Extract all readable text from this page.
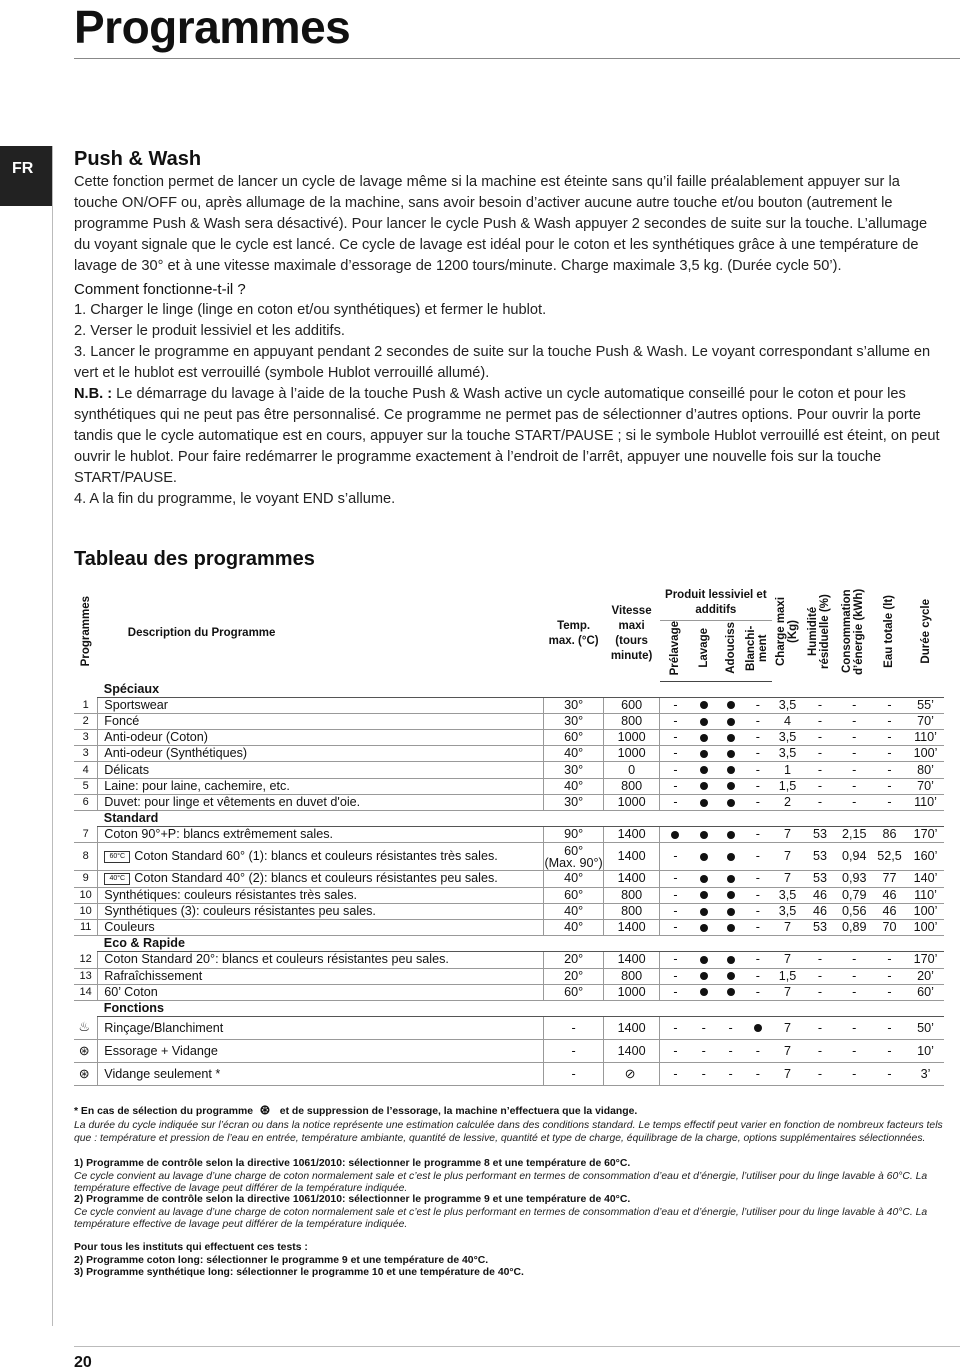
Programmes
FR	Push & Wash

Cette fonction permet de lancer un cycle de lavage même si la machine est éteinte sans qu’il faille préalablement appuyer sur la touche ON/OFF ou, après allumage de la machine, sans avoir besoin d’activer aucune autre touche et/ou bouton (autrement le programme Push & Wash sera désactivé). Pour lancer le cycle Push & Wash appuyer 2 secondes de suite sur la touche. L’allumage du voyant signale que le cycle est lancé. Ce cycle de lavage est idéal pour le coton et les synthétiques grâce à une température de lavage de 30° et à une vitesse maximale d’essorage de 1200 tours/minute. Charge maximale 3,5 kg. (Durée cycle 50’).

Comment fonctionne-t-il ?

1. Charger le linge (linge en coton et/ou synthétiques) et fermer le hublot.

2. Verser le produit lessiviel et les additifs.

3. Lancer le programme en appuyant pendant 2 secondes de suite sur la touche Push & Wash. Le voyant correspondant s’allume en vert et le hublot est verrouillé (symbole Hublot verrouillé allumé).

N.B. : Le démarrage du lavage à l’aide de la touche Push & Wash active un cycle automatique conseillé pour le coton et pour les synthétiques qui ne peut pas être personnalisé. Ce programme ne permet pas de sélectionner d’autres options. Pour ouvrir la porte tandis que le cycle automatique est en cours, appuyer sur la touche START/PAUSE ; si le symbole Hublot verrouillé est éteint, on peut ouvrir le hublot. Pour faire redémarrer le programme exactement à l’endroit de l’arrêt, appuyer une nouvelle fois sur la touche START/PAUSE.

4. A la fin du programme, le voyant END s’allume.

Tableau des programmes
Programmes	Description du Programme	Temp. max. (°C)	Vitesse maxi (tours minute)	Produit lessiviel et additifs				Charge maxi (Kg)	Humidité résiduelle (%)	Consommation d’énergie (kWh)	Eau totale (lt)	Durée cycle
				Prélavage	Lavage	Adouciss	Blanchi-ment					
	Spéciaux											
1	Sportswear	30°	600	-			-	3,5	-	-	-	55’
2	Foncé	30°	800	-			-	4	-	-	-	70’
3	Anti-odeur (Coton)	60°	1000	-			-	3,5	-	-	-	110’
3	Anti-odeur (Synthétiques)	40°	1000	-			-	3,5	-	-	-	100’
4	Délicats	30°	0	-			-	1	-	-	-	80’
5	Laine: pour laine, cachemire, etc.	40°	800	-			-	1,5	-	-	-	70’
6	Duvet: pour linge et vêtements en duvet d'oie.	30°	1000	-			-	2	-	-	-	110’
	Standard											
7	Coton 90°+P: blancs extrêmement sales.	90°	1400				-	7	53	2,15	86	170’
8	60°C Coton Standard 60° (1): blancs et couleurs résistantes très sales.	60°
(Max. 90°)	1400	-			-	7	53	0,94	52,5	160’
9	40°C Coton Standard 40° (2): blancs et couleurs résistantes peu sales.	40°	1400	-			-	7	53	0,93	77	140’
10	Synthétiques: couleurs résistantes très sales.	60°	800	-			-	3,5	46	0,79	46	110’
10	Synthétiques (3): couleurs résistantes peu sales.	40°	800	-			-	3,5	46	0,56	46	100’
11	Couleurs	40°	1400	-			-	7	53	0,89	70	100’
	Eco & Rapide											
12	Coton Standard 20°: blancs et couleurs résistantes peu sales.	20°	1400	-			-	7	-	-	-	170’
13	Rafraîchissement	20°	800	-			-	1,5	-	-	-	20’
14	60’ Coton	60°	1000	-			-	7	-	-	-	60’
	Fonctions											
♨	Rinçage/Blanchiment	-	1400	-	-	-		7	-	-	-	50’
⊛	Essorage + Vidange	-	1400	-	-	-	-	7	-	-	-	10’
⊛	Vidange seulement *	-	⊘	-	-	-	-	7	-	-	-	3’
* En cas de sélection du programme ⊛ et de suppression de l’essorage, la machine n’effectuera que la vidange.
La durée du cycle indiquée sur l’écran ou dans la notice représente une estimation calculée dans des conditions standard. Le temps effectif peut varier en fonction de nombreux facteurs tels que : température et pression de l’eau en entrée, température ambiante, quantité de lessive, quantité et type de charge, équilibrage de la charge, options supplémentaires sélectionnées.
1) Programme de contrôle selon la directive 1061/2010: sélectionner le programme 8 et une température de 60°C.
Ce cycle convient au lavage d’une charge de coton normalement sale et c’est le plus performant en termes de consommation d’eau et d’énergie, l’utiliser pour du linge lavable à 60°C. La température effective de lavage peut différer de la température indiquée.
2) Programme de contrôle selon la directive 1061/2010: sélectionner le programme 9 et une température de 40°C.
Ce cycle convient au lavage d’une charge de coton normalement sale et c’est le plus performant en termes de consommation d’eau et d’énergie, l’utiliser pour du linge lavable à 40°C. La température effective de lavage peut différer de la température indiquée.
Pour tous les instituts qui effectuent ces tests :
2) Programme coton long: sélectionner le programme 9 et une température de 40°C.
3) Programme synthétique long: sélectionner le programme 10 et une température de 40°C.
20
